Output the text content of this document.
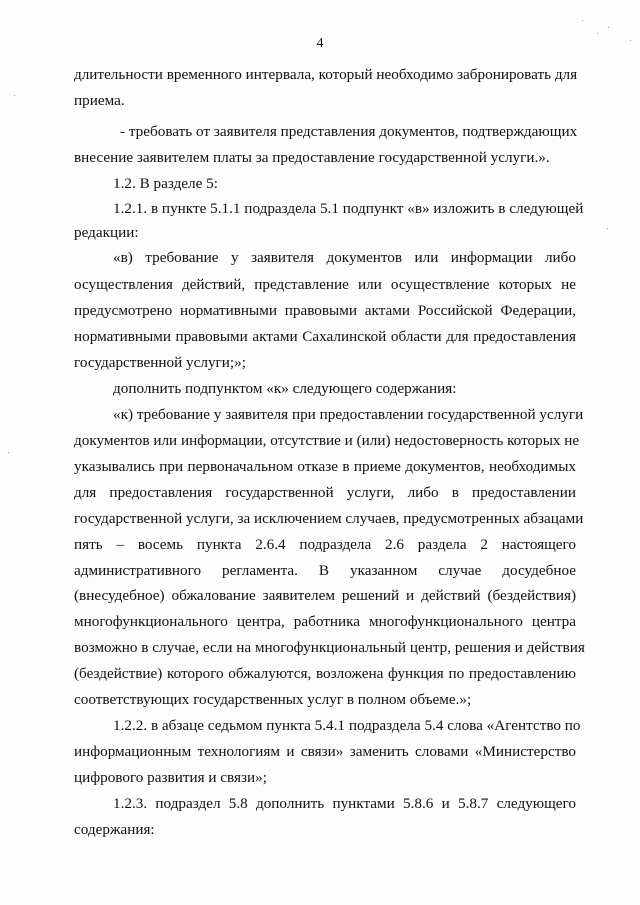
4
длительности временного интервала, который необходимо забронировать для
приема.
- требовать от заявителя представления документов, подтверждающих
внесение заявителем платы за предоставление государственной услуги.».
1.2. В разделе 5:
1.2.1. в пункте 5.1.1 подраздела 5.1 подпункт «в» изложить в следующей
редакции:
«в) требование у заявителя документов или информации либо
осуществления действий, представление или осуществление которых не
предусмотрено нормативными правовыми актами Российской Федерации,
нормативными правовыми актами Сахалинской области для предоставления
государственной услуги;»;
дополнить подпунктом «к» следующего содержания:
«к) требование у заявителя при предоставлении государственной услуги
документов или информации, отсутствие и (или) недостоверность которых не
указывались при первоначальном отказе в приеме документов, необходимых
для предоставления государственной услуги, либо в предоставлении
государственной услуги, за исключением случаев, предусмотренных абзацами
пять – восемь пункта 2.6.4 подраздела 2.6 раздела 2 настоящего
административного регламента. В указанном случае досудебное
(внесудебное) обжалование заявителем решений и действий (бездействия)
многофункционального центра, работника многофункционального центра
возможно в случае, если на многофункциональный центр, решения и действия
(бездействие) которого обжалуются, возложена функция по предоставлению
соответствующих государственных услуг в полном объеме.»;
1.2.2. в абзаце седьмом пункта 5.4.1 подраздела 5.4 слова «Агентство по
информационным технологиям и связи» заменить словами «Министерство
цифрового развития и связи»;
1.2.3. подраздел 5.8 дополнить пунктами 5.8.6 и 5.8.7 следующего
содержания:
